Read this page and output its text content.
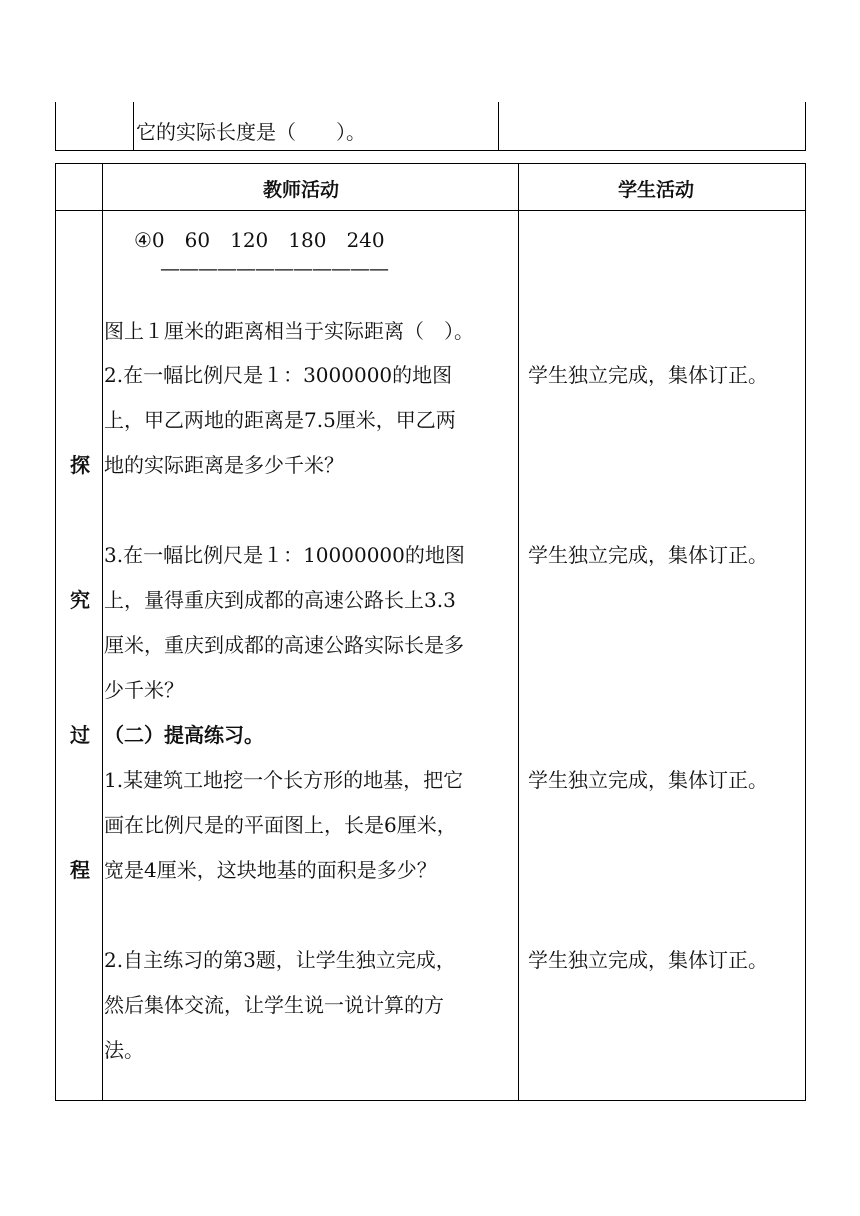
它的实际长度是（　　）。
教师活动	学生活动
探
究
过
程
④0　60　120　180　240
————————————
图上１厘米的距离相当于实际距离（　）。
2.在一幅比例尺是１：3000000的地图
上，甲乙两地的距离是7.5厘米，甲乙两
地的实际距离是多少千米？
3.在一幅比例尺是１：10000000的地图
上，量得重庆到成都的高速公路长上3.3
厘米，重庆到成都的高速公路实际长是多
少千米？
（二）提高练习。
1.某建筑工地挖一个长方形的地基，把它
画在比例尺是的平面图上，长是6厘米，
宽是4厘米，这块地基的面积是多少？
2.自主练习的第3题，让学生独立完成，
然后集体交流，让学生说一说计算的方
法。
学生独立完成，集体订正。
学生独立完成，集体订正。
学生独立完成，集体订正。
学生独立完成，集体订正。
